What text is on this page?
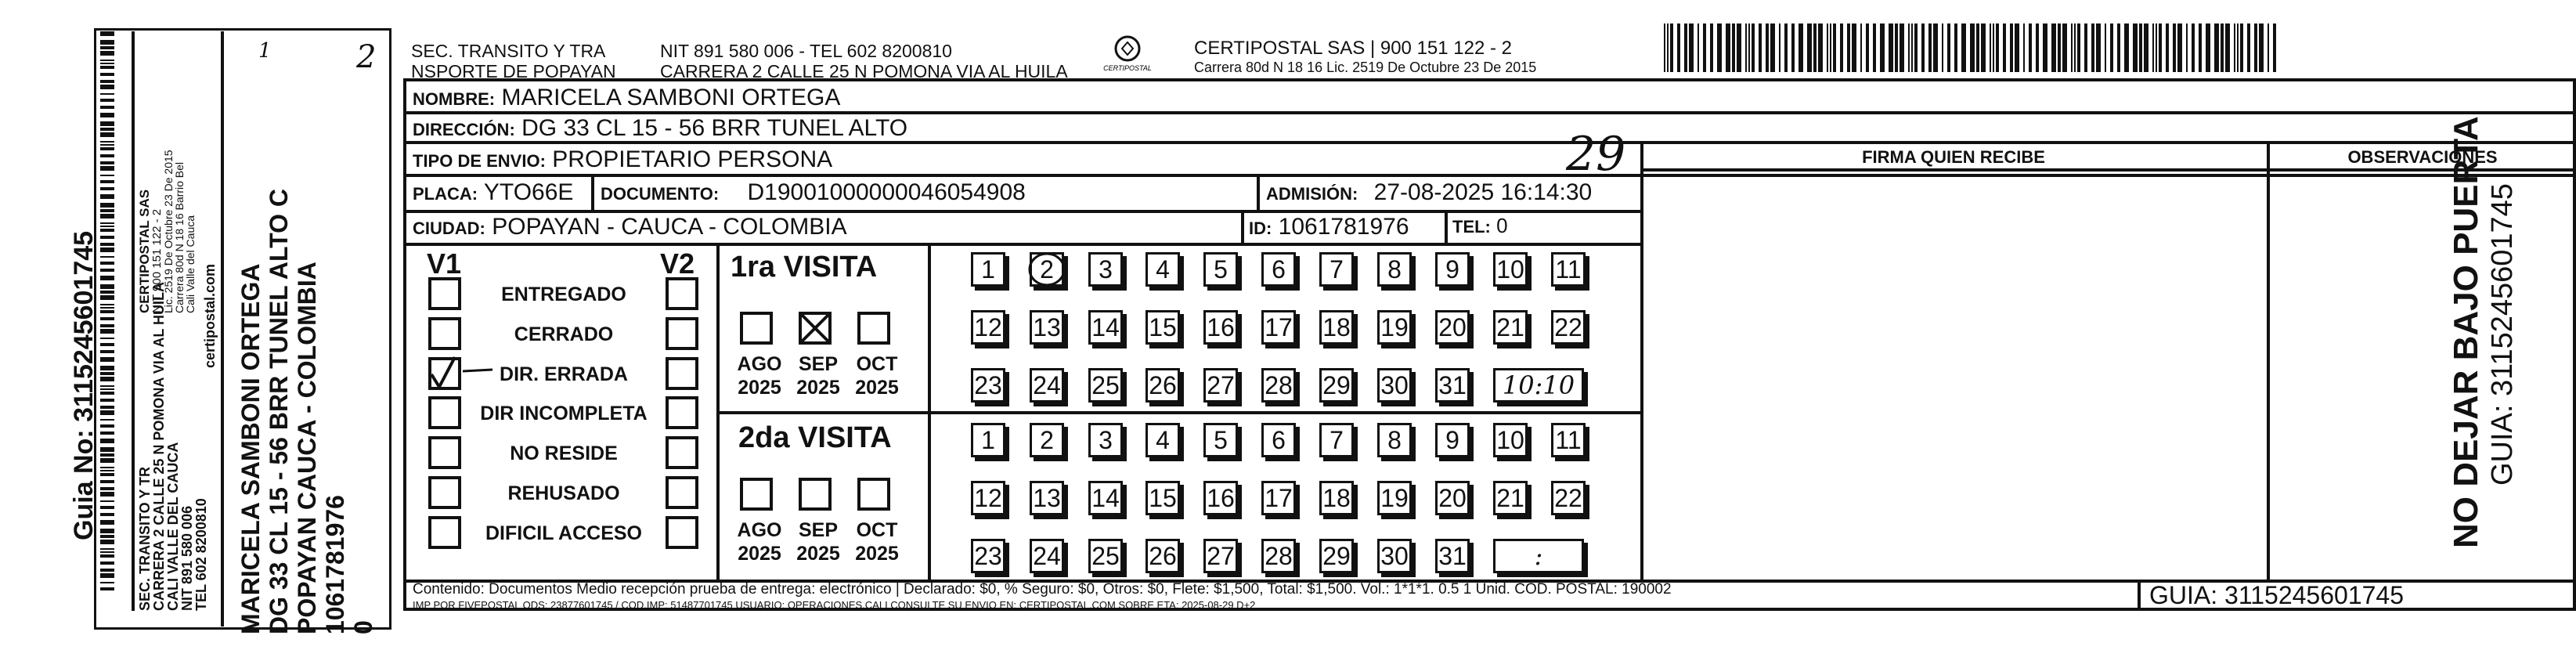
Guia No: 3115245601745	SEC. TRANSITO Y TR
CARRERA 2 CALLE 25 N POMONA VIA AL HUILA
CALI VALLE DEL CAUCA
NIT 891 580 006
TEL 602 8200810
CERTIPOSTAL SAS
NIT 900 151 122 - 2
Lic. 2519 De Octubre 23 De 2015
Carrera 80d N 18 16 Barrio Bel
Cali Valle del Cauca certipostal.com MARICELA SAMBONI ORTEGA DG 33 CL 15 - 56 BRR TUNEL ALTO C POPAYAN CAUCA - COLOMBIA 1061781976 0
1	2 SEC. TRANSITO Y TRA
NSPORTE DE POPAYAN
NIT 891 580 006 - TEL 602 8200810
CARRERA 2 CALLE 25 N POMONA VIA AL HUILA	CERTIPOSTAL
CERTIPOSTAL SAS | 900 151 122 - 2
Carrera 80d N 18 16 Lic. 2519 De Octubre 23 De 2015
NOMBRE: MARICELA SAMBONI ORTEGA
DIRECCIÓN: DG 33 CL 15 - 56 BRR TUNEL ALTO
TIPO DE ENVIO: PROPIETARIO PERSONA
PLACA: YTO66E DOCUMENTO: D19001000000046054908	ADMISIÓN: 27-08-2025 16:14:30
29
CIUDAD: POPAYAN - CAUCA - COLOMBIA	ID: 1061781976	TEL: 0
FIRMA QUIEN RECIBE	OBSERVACIONES
V1	V2
ENTREGADO
CERRADO
DIR. ERRADA
DIR INCOMPLETA
NO RESIDE
REHUSADO
DIFICIL ACCESO
1ra VISITA
2da VISITA
AGO
2025
SEP
2025
OCT
2025
AGO
2025
SEP
2025
OCT
2025
1	2	3	4	5	6	7	8	9	10 11
12 13 14 15 16 17 18 19 20 21 22
23 24 25 26 27 28 29 30 31	10:10
1	2	3	4	5	6	7	8	9	10 11
12 13 14 15 16 17 18 19 20 21 22
23 24 25 26 27 28 29 30 31	:
Contenido: Documentos Medio recepción prueba de entrega: electrónico | Declarado: $0, % Seguro: $0, Otros: $0, Flete: $1,500, Total: $1,500. Vol.: 1*1*1. 0.5 1 Unid. COD. POSTAL: 190002
IMP POR FIVEPOSTAL ODS: 23877601745 / COD.IMP: 51487701745 USUARIO: OPERACIONES.CALI CONSULTE SU ENVIO EN: CERTIPOSTAL.COM SOBRE ETA: 2025-08-29 D+2	GUIA: 3115245601745
NO DEJAR BAJO PUERTA GUIA: 3115245601745
